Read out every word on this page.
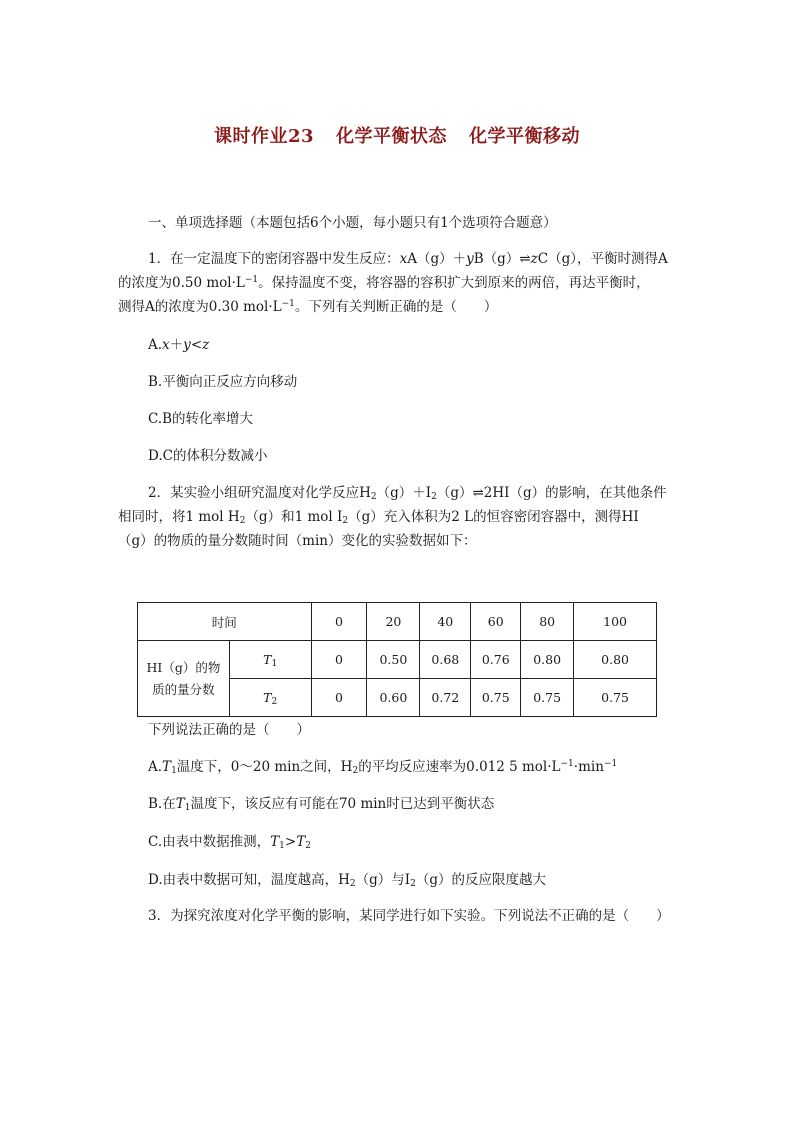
课时作业23 化学平衡状态 化学平衡移动
一、单项选择题（本题包括6个小题，每小题只有1个选项符合题意）
1．在一定温度下的密闭容器中发生反应：xA（g）＋yB（g）⇌zC（g），平衡时测得A
的浓度为0.50 $mol\cdot L^{-1}$。保持温度不变，将容器的容积扩大到原来的两倍，再达平衡时，
测得A的浓度为0.30 $mol\cdot L^{-1}$。下列有关判断正确的是（　　）
A.x＋y<z
B.平衡向正反应方向移动
C.B的转化率增大
D.C的体积分数减小
2．某实验小组研究温度对化学反应$H_2(g)+I_2(g)\rightleftharpoons 2HI(g)$的影响，在其他条件
相同时，将1 mol $H_2(g)$和1 mol $I_2(g)$充入体积为2 L的恒容密闭容器中，测得HI
（g）的物质的量分数随时间（min）变化的实验数据如下：
时间		0	20	40	60	80	100
HI（g）的物
质的量分数	$T_1$	0	0.50	0.68	0.76	0.80	0.80
	$T_2$	0	0.60	0.72	0.75	0.75	0.75
下列说法正确的是（　　）
$A.T_1$温度下，0～20 min之间，$H_2$的平均反应速率为0.012 5 $mol\cdot L^{-1}\cdot\min^{-1}$
B.在$T_1$温度下，该反应有可能在70 min时已达到平衡状态
C.由表中数据推测，$T_1>T_2$
D.由表中数据可知，温度越高，$H_2(g)$与$I_2(g)$的反应限度越大
3．为探究浓度对化学平衡的影响，某同学进行如下实验。下列说法不正确的是（　　）
